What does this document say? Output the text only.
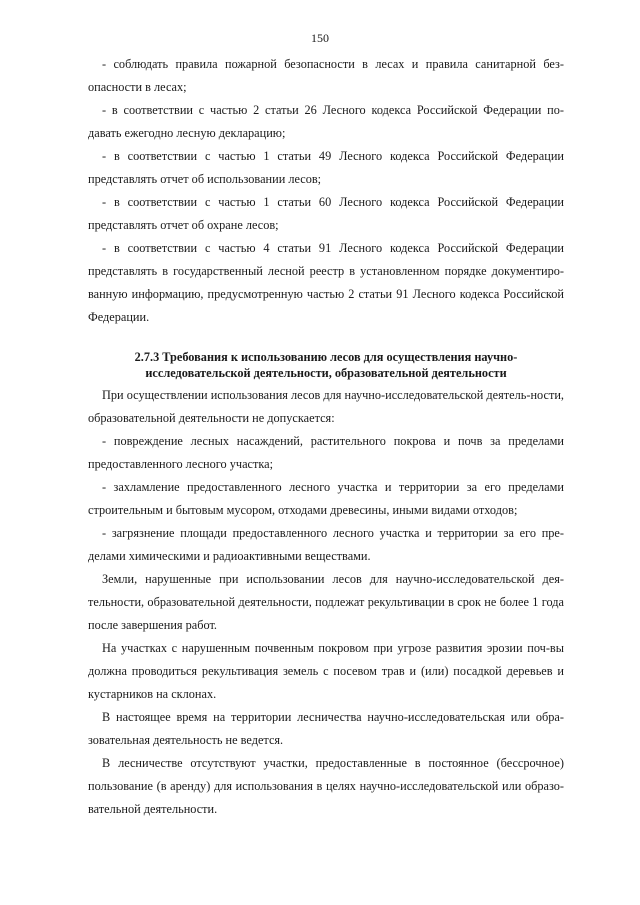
150

- соблюдать правила пожарной безопасности в лесах и правила санитарной без-опасности в лесах;

- в соответствии с частью 2 статьи 26 Лесного кодекса Российской Федерации по-давать ежегодно лесную декларацию;

- в соответствии с частью 1 статьи 49 Лесного кодекса Российской Федерации представлять отчет об использовании лесов;

- в соответствии с частью 1 статьи 60 Лесного кодекса Российской Федерации представлять отчет об охране лесов;

- в соответствии с частью 4 статьи 91 Лесного кодекса Российской Федерации представлять в государственный лесной реестр в установленном порядке документиро-ванную информацию, предусмотренную частью 2 статьи 91 Лесного кодекса Российской Федерации.

2.7.3 Требования к использованию лесов для осуществления научно-
исследовательской деятельности, образовательной деятельности

При осуществлении использования лесов для научно-исследовательской деятель-ности, образовательной деятельности не допускается:

- повреждение лесных насаждений, растительного покрова и почв за пределами предоставленного лесного участка;

- захламление предоставленного лесного участка и территории за его пределами строительным и бытовым мусором, отходами древесины, иными видами отходов;

- загрязнение площади предоставленного лесного участка и территории за его пре-делами химическими и радиоактивными веществами.

Земли, нарушенные при использовании лесов для научно-исследовательской дея-тельности, образовательной деятельности, подлежат рекультивации в срок не более 1 года после завершения работ.

На участках с нарушенным почвенным покровом при угрозе развития эрозии поч-вы должна проводиться рекультивация земель с посевом трав и (или) посадкой деревьев и кустарников на склонах.

В настоящее время на территории лесничества научно-исследовательская или обра-зовательная деятельность не ведется.

В лесничестве отсутствуют участки, предоставленные в постоянное (бессрочное) пользование (в аренду) для использования в целях научно-исследовательской или образо-вательной деятельности.
